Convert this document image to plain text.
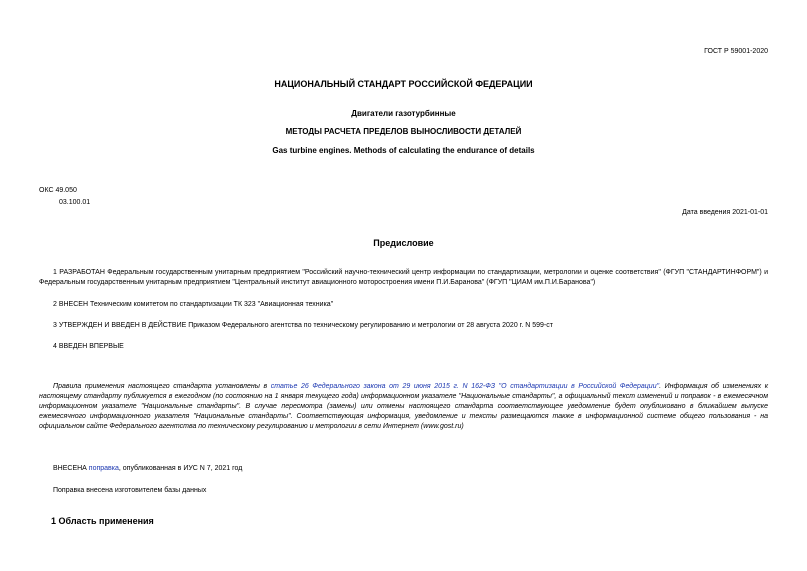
ГОСТ Р 59001-2020
НАЦИОНАЛЬНЫЙ СТАНДАРТ РОССИЙСКОЙ ФЕДЕРАЦИИ
Двигатели газотурбинные
МЕТОДЫ РАСЧЕТА ПРЕДЕЛОВ ВЫНОСЛИВОСТИ ДЕТАЛЕЙ
Gas turbine engines. Methods of calculating the endurance of details
ОКС 49.050
03.100.01
Дата введения 2021-01-01
Предисловие
1 РАЗРАБОТАН Федеральным государственным унитарным предприятием "Российский научно-технический центр информации по стандартизации, метрологии и оценке соответствия" (ФГУП "СТАНДАРТИНФОРМ") и Федеральным государственным унитарным предприятием "Центральный институт авиационного моторостроения имени П.И.Баранова" (ФГУП "ЦИАМ им.П.И.Баранова")
2 ВНЕСЕН Техническим комитетом по стандартизации ТК 323 "Авиационная техника"
3 УТВЕРЖДЕН И ВВЕДЕН В ДЕЙСТВИЕ Приказом Федерального агентства по техническому регулированию и метрологии от 28 августа 2020 г. N 599-ст
4 ВВЕДЕН ВПЕРВЫЕ
Правила применения настоящего стандарта установлены в статье 26 Федерального закона от 29 июня 2015 г. N 162-ФЗ "О стандартизации в Российской Федерации". Информация об изменениях к настоящему стандарту публикуется в ежегодном (по состоянию на 1 января текущего года) информационном указателе "Национальные стандарты", а официальный текст изменений и поправок - в ежемесячном информационном указателе "Национальные стандарты". В случае пересмотра (замены) или отмены настоящего стандарта соответствующее уведомление будет опубликовано в ближайшем выпуске ежемесячного информационного указателя "Национальные стандарты". Соответствующая информация, уведомление и тексты размещаются также в информационной системе общего пользования - на официальном сайте Федерального агентства по техническому регулированию и метрологии в сети Интернет (www.gost.ru)
ВНЕСЕНА поправка, опубликованная в ИУС N 7, 2021 год
Поправка внесена изготовителем базы данных
1 Область применения
